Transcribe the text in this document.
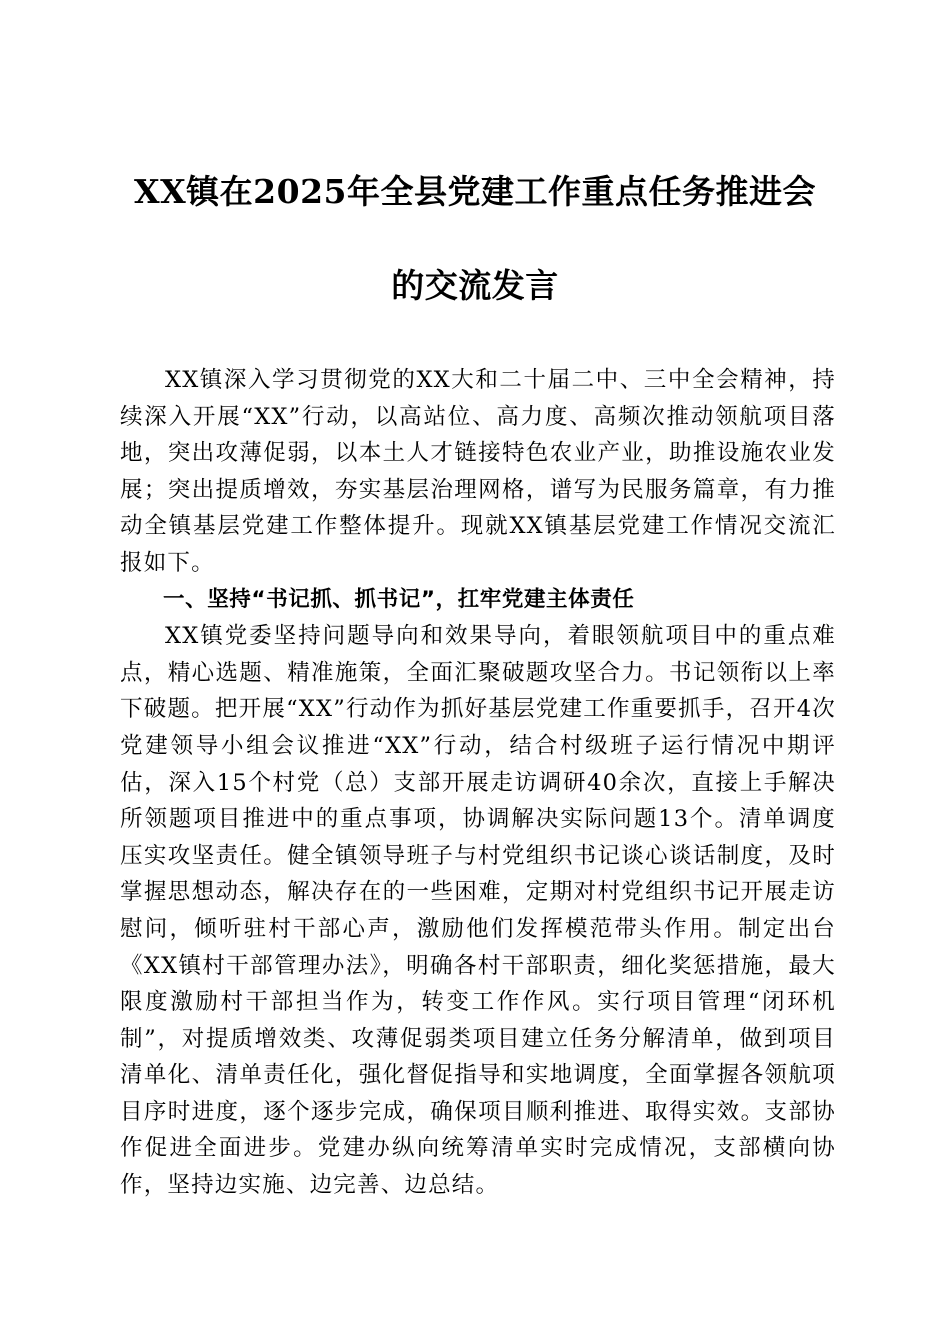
XX镇在2025年全县党建工作重点任务推进会
的交流发言

XX镇深入学习贯彻党的XX大和二十届二中、三中全会精神，持续深入开展“XX”行动，以高站位、高力度、高频次推动领航项目落地，突出攻薄促弱，以本土人才链接特色农业产业，助推设施农业发展；突出提质增效，夯实基层治理网格，谱写为民服务篇章，有力推动全镇基层党建工作整体提升。现就XX镇基层党建工作情况交流汇报如下。

一、坚持“书记抓、抓书记”，扛牢党建主体责任

XX镇党委坚持问题导向和效果导向，着眼领航项目中的重点难点，精心选题、精准施策，全面汇聚破题攻坚合力。书记领衔以上率下破题。把开展“XX”行动作为抓好基层党建工作重要抓手，召开4次党建领导小组会议推进“XX”行动，结合村级班子运行情况中期评估，深入15个村党（总）支部开展走访调研40余次，直接上手解决所领题项目推进中的重点事项，协调解决实际问题13个。清单调度压实攻坚责任。健全镇领导班子与村党组织书记谈心谈话制度，及时掌握思想动态，解决存在的一些困难，定期对村党组织书记开展走访慰问，倾听驻村干部心声，激励他们发挥模范带头作用。制定出台《XX镇村干部管理办法》，明确各村干部职责，细化奖惩措施，最大限度激励村干部担当作为，转变工作作风。实行项目管理“闭环机制”，对提质增效类、攻薄促弱类项目建立任务分解清单，做到项目清单化、清单责任化，强化督促指导和实地调度，全面掌握各领航项目序时进度，逐个逐步完成，确保项目顺利推进、取得实效。支部协作促进全面进步。党建办纵向统筹清单实时完成情况，支部横向协作，坚持边实施、边完善、边总结。
